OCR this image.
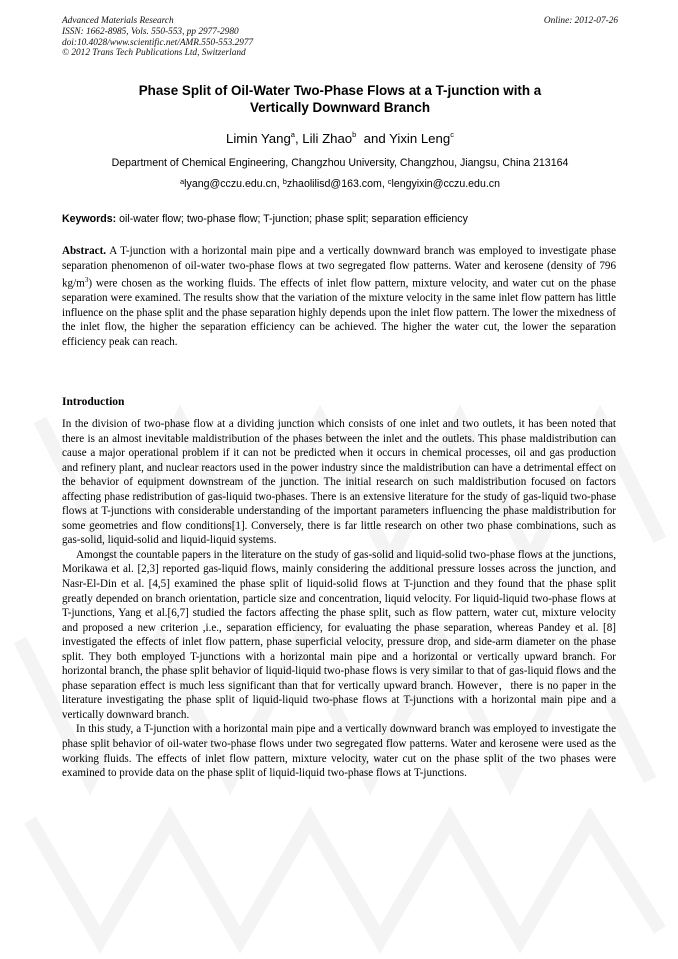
Advanced Materials Research
ISSN: 1662-8985, Vols. 550-553, pp 2977-2980
doi:10.4028/www.scientific.net/AMR.550-553.2977
© 2012 Trans Tech Publications Ltd, Switzerland
Online: 2012-07-26
Phase Split of Oil-Water Two-Phase Flows at a T-junction with a
Vertically Downward Branch
Limin Yang$^a$, Lili Zhao$^b$  and Yixin Leng$^c$
Department of Chemical Engineering, Changzhou University, Changzhou, Jiangsu, China 213164
$^a$lyang@cczu.edu.cn, $^b$zhaolilisd@163.com, $^c$lengyixin@cczu.edu.cn
Keywords: oil-water flow; two-phase flow; T-junction; phase split; separation efficiency
Abstract. A T-junction with a horizontal main pipe and a vertically downward branch was employed to investigate phase separation phenomenon of oil-water two-phase flows at two segregated flow patterns. Water and kerosene (density of 796 $kg/m^3$) were chosen as the working fluids. The effects of inlet flow pattern, mixture velocity, and water cut on the phase separation were examined. The results show that the variation of the mixture velocity in the same inlet flow pattern has little influence on the phase split and the phase separation highly depends upon the inlet flow pattern. The lower the mixedness of the inlet flow, the higher the separation efficiency can be achieved. The higher the water cut, the lower the separation efficiency peak can reach.
Introduction

In the division of two-phase flow at a dividing junction which consists of one inlet and two outlets, it has been noted that there is an almost inevitable maldistribution of the phases between the inlet and the outlets. This phase maldistribution can cause a major operational problem if it can not be predicted when it occurs in chemical processes, oil and gas production and refinery plant, and nuclear reactors used in the power industry since the maldistribution can have a detrimental effect on the behavior of equipment downstream of the junction. The initial research on such maldistribution focused on factors affecting phase redistribution of gas-liquid two-phases. There is an extensive literature for the study of gas-liquid two-phase flows at T-junctions with considerable understanding of the important parameters influencing the phase maldistribution for some geometries and flow conditions[1]. Conversely, there is far little research on other two phase combinations, such as gas-solid, liquid-solid and liquid-liquid systems.

Amongst the countable papers in the literature on the study of gas-solid and liquid-solid two-phase flows at the junctions, Morikawa et al. [2,3] reported gas-liquid flows, mainly considering the additional pressure losses across the junction, and Nasr-El-Din et al. [4,5] examined the phase split of liquid-solid flows at T-junction and they found that the phase split greatly depended on branch orientation, particle size and concentration, liquid velocity. For liquid-liquid two-phase flows at T-junctions, Yang et al.[6,7] studied the factors affecting the phase split, such as flow pattern, water cut, mixture velocity and proposed a new criterion ,i.e., separation efficiency, for evaluating the phase separation, whereas Pandey et al. [8] investigated the effects of inlet flow pattern, phase superficial velocity, pressure drop, and side-arm diameter on the phase split. They both employed T-junctions with a horizontal main pipe and a horizontal or vertically upward branch. For horizontal branch, the phase split behavior of liquid-liquid two-phase flows is very similar to that of gas-liquid flows and the phase separation effect is much less significant than that for vertically upward branch. However，there is no paper in the literature investigating the phase split of liquid-liquid two-phase flows at T-junctions with a horizontal main pipe and a vertically downward branch.

In this study, a T-junction with a horizontal main pipe and a vertically downward branch was employed to investigate the phase split behavior of oil-water two-phase flows under two segregated flow patterns. Water and kerosene were used as the working fluids. The effects of inlet flow pattern, mixture velocity, water cut on the phase split of the two phases were examined to provide data on the phase split of liquid-liquid two-phase flows at T-junctions.
